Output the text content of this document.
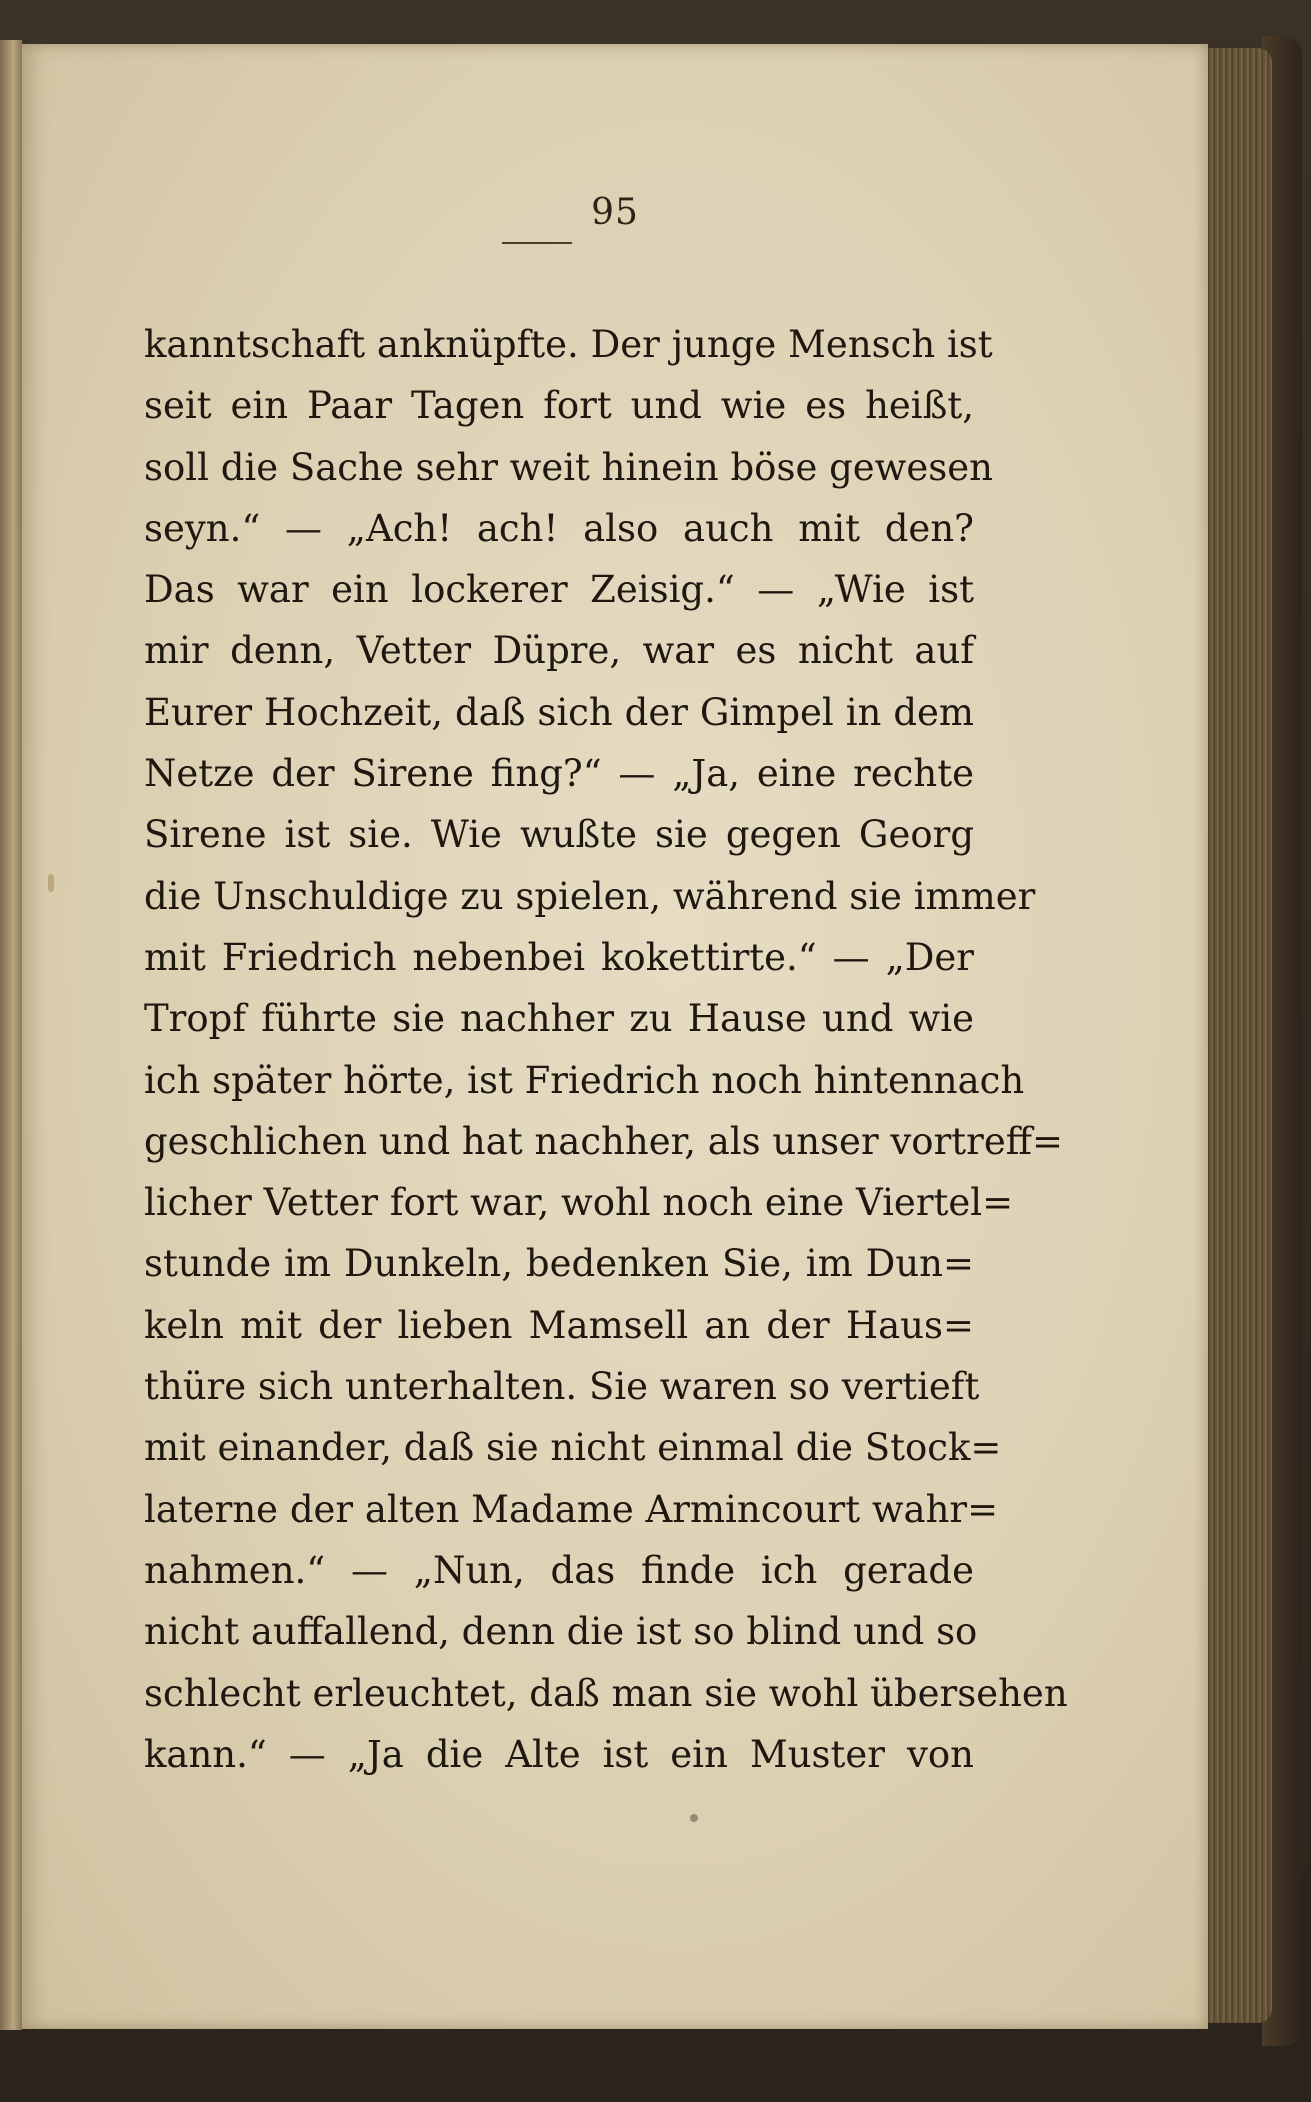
95
kanntschaft anknüpfte. Der junge Mensch ist
seit ein Paar Tagen fort und wie es heißt,
soll die Sache sehr weit hinein böse gewesen
seyn.“ — „Ach! ach! also auch mit den?
Das war ein lockerer Zeisig.“ — „Wie ist
mir denn, Vetter Düpre, war es nicht auf
Eurer Hochzeit, daß sich der Gimpel in dem
Netze der Sirene fing?“ — „Ja, eine rechte
Sirene ist sie. Wie wußte sie gegen Georg
die Unschuldige zu spielen, während sie immer
mit Friedrich nebenbei kokettirte.“ — „Der
Tropf führte sie nachher zu Hause und wie
ich später hörte, ist Friedrich noch hintennach
geschlichen und hat nachher, als unser vortreff=
licher Vetter fort war, wohl noch eine Viertel=
stunde im Dunkeln, bedenken Sie, im Dun=
keln mit der lieben Mamsell an der Haus=
thüre sich unterhalten. Sie waren so vertieft
mit einander, daß sie nicht einmal die Stock=
laterne der alten Madame Armincourt wahr=
nahmen.“ — „Nun, das finde ich gerade
nicht auffallend, denn die ist so blind und so
schlecht erleuchtet, daß man sie wohl übersehen
kann.“ — „Ja die Alte ist ein Muster von
